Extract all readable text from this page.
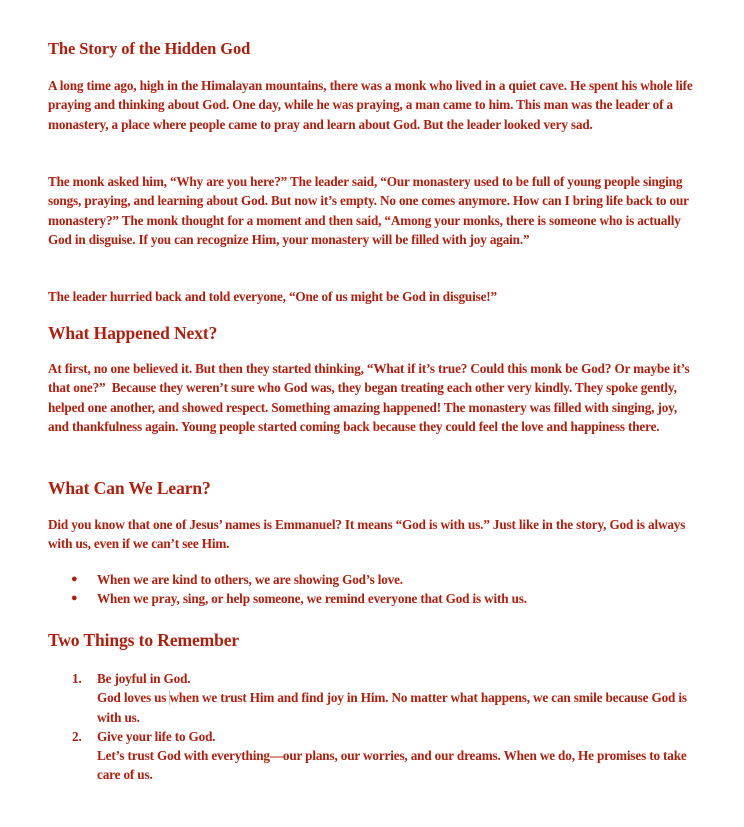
The Story of the Hidden God

A long time ago, high in the Himalayan mountains, there was a monk who lived in a quiet cave. He spent his whole life praying and thinking about God. One day, while he was praying, a man came to him. This man was the leader of a monastery, a place where people came to pray and learn about God. But the leader looked very sad.

The monk asked him, “Why are you here?” The leader said, “Our monastery used to be full of young people singing songs, praying, and learning about God. But now it’s empty. No one comes anymore. How can I bring life back to our monastery?” The monk thought for a moment and then said, “Among your monks, there is someone who is actually God in disguise. If you can recognize Him, your monastery will be filled with joy again.”

The leader hurried back and told everyone, “One of us might be God in disguise!”

What Happened Next?

At first, no one believed it. But then they started thinking, “What if it’s true? Could this monk be God? Or maybe it’s that one?”  Because they weren’t sure who God was, they began treating each other very kindly. They spoke gently, helped one another, and showed respect. Something amazing happened! The monastery was filled with singing, joy, and thankfulness again. Young people started coming back because they could feel the love and happiness there.

What Can We Learn?

Did you know that one of Jesus’ names is Emmanuel? It means “God is with us.” Just like in the story, God is always with us, even if we can’t see Him.

● When we are kind to others, we are showing God’s love.
● When we pray, sing, or help someone, we remind everyone that God is with us.
Two Things to Remember
1. Be joyful in God.
God loves us when we trust Him and find joy in Him. No matter what happens, we can smile because God is with us.
2. Give your life to God.
Let’s trust God with everything—our plans, our worries, and our dreams. When we do, He promises to take care of us.
